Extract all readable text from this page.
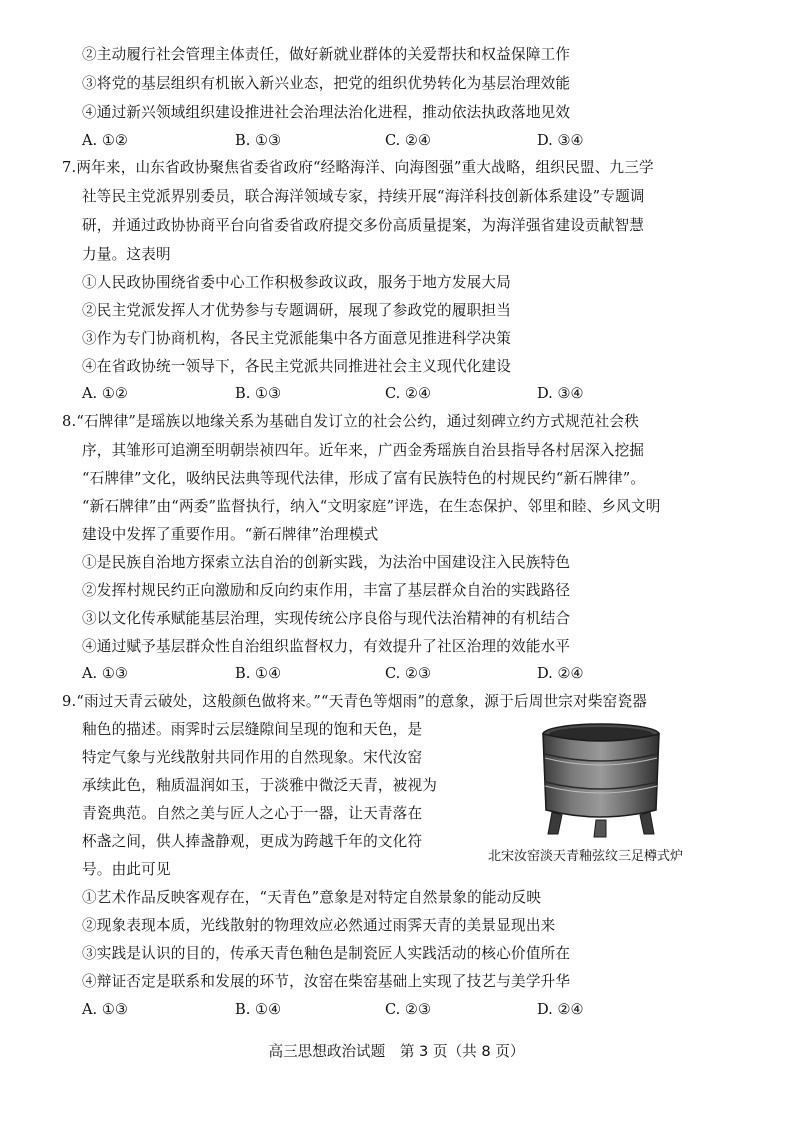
②主动履行社会管理主体责任，做好新就业群体的关爱帮扶和权益保障工作
③将党的基层组织有机嵌入新兴业态，把党的组织优势转化为基层治理效能
④通过新兴领域组织建设推进社会治理法治化进程，推动依法执政落地见效
A. ①②	B. ①③	C. ②④	D. ③④
7.两年来，山东省政协聚焦省委省政府“经略海洋、向海图强”重大战略，组织民盟、九三学
社等民主党派界别委员，联合海洋领域专家，持续开展“海洋科技创新体系建设”专题调
研，并通过政协协商平台向省委省政府提交多份高质量提案，为海洋强省建设贡献智慧
力量。这表明
①人民政协围绕省委中心工作积极参政议政，服务于地方发展大局
②民主党派发挥人才优势参与专题调研，展现了参政党的履职担当
③作为专门协商机构，各民主党派能集中各方面意见推进科学决策
④在省政协统一领导下，各民主党派共同推进社会主义现代化建设
A. ①②	B. ①③	C. ②④	D. ③④
8.“石牌律”是瑶族以地缘关系为基础自发订立的社会公约，通过刻碑立约方式规范社会秩
序，其雏形可追溯至明朝崇祯四年。近年来，广西金秀瑶族自治县指导各村居深入挖掘
“石牌律”文化，吸纳民法典等现代法律，形成了富有民族特色的村规民约“新石牌律”。
“新石牌律”由“两委”监督执行，纳入“文明家庭”评选，在生态保护、邻里和睦、乡风文明
建设中发挥了重要作用。“新石牌律”治理模式
①是民族自治地方探索立法自治的创新实践，为法治中国建设注入民族特色
②发挥村规民约正向激励和反向约束作用，丰富了基层群众自治的实践路径
③以文化传承赋能基层治理，实现传统公序良俗与现代法治精神的有机结合
④通过赋予基层群众性自治组织监督权力，有效提升了社区治理的效能水平
A. ①③	B. ①④	C. ②③	D. ②④
9.“雨过天青云破处，这般颜色做将来。”“天青色等烟雨”的意象，源于后周世宗对柴窑瓷器
釉色的描述。雨霁时云层缝隙间呈现的饱和天色，是
特定气象与光线散射共同作用的自然现象。宋代汝窑
承续此色，釉质温润如玉，于淡雅中微泛天青，被视为
青瓷典范。自然之美与匠人之心于一器，让天青落在
杯盏之间，供人捧盏静观，更成为跨越千年的文化符
号。由此可见
北宋汝窑淡天青釉弦纹三足樽式炉
①艺术作品反映客观存在，“天青色”意象是对特定自然景象的能动反映
②现象表现本质，光线散射的物理效应必然通过雨霁天青的美景显现出来
③实践是认识的目的，传承天青色釉色是制瓷匠人实践活动的核心价值所在
④辩证否定是联系和发展的环节，汝窑在柴窑基础上实现了技艺与美学升华
A. ①③	B. ①④	C. ②③	D. ②④
高三思想政治试题　第 3 页（共 8 页）
